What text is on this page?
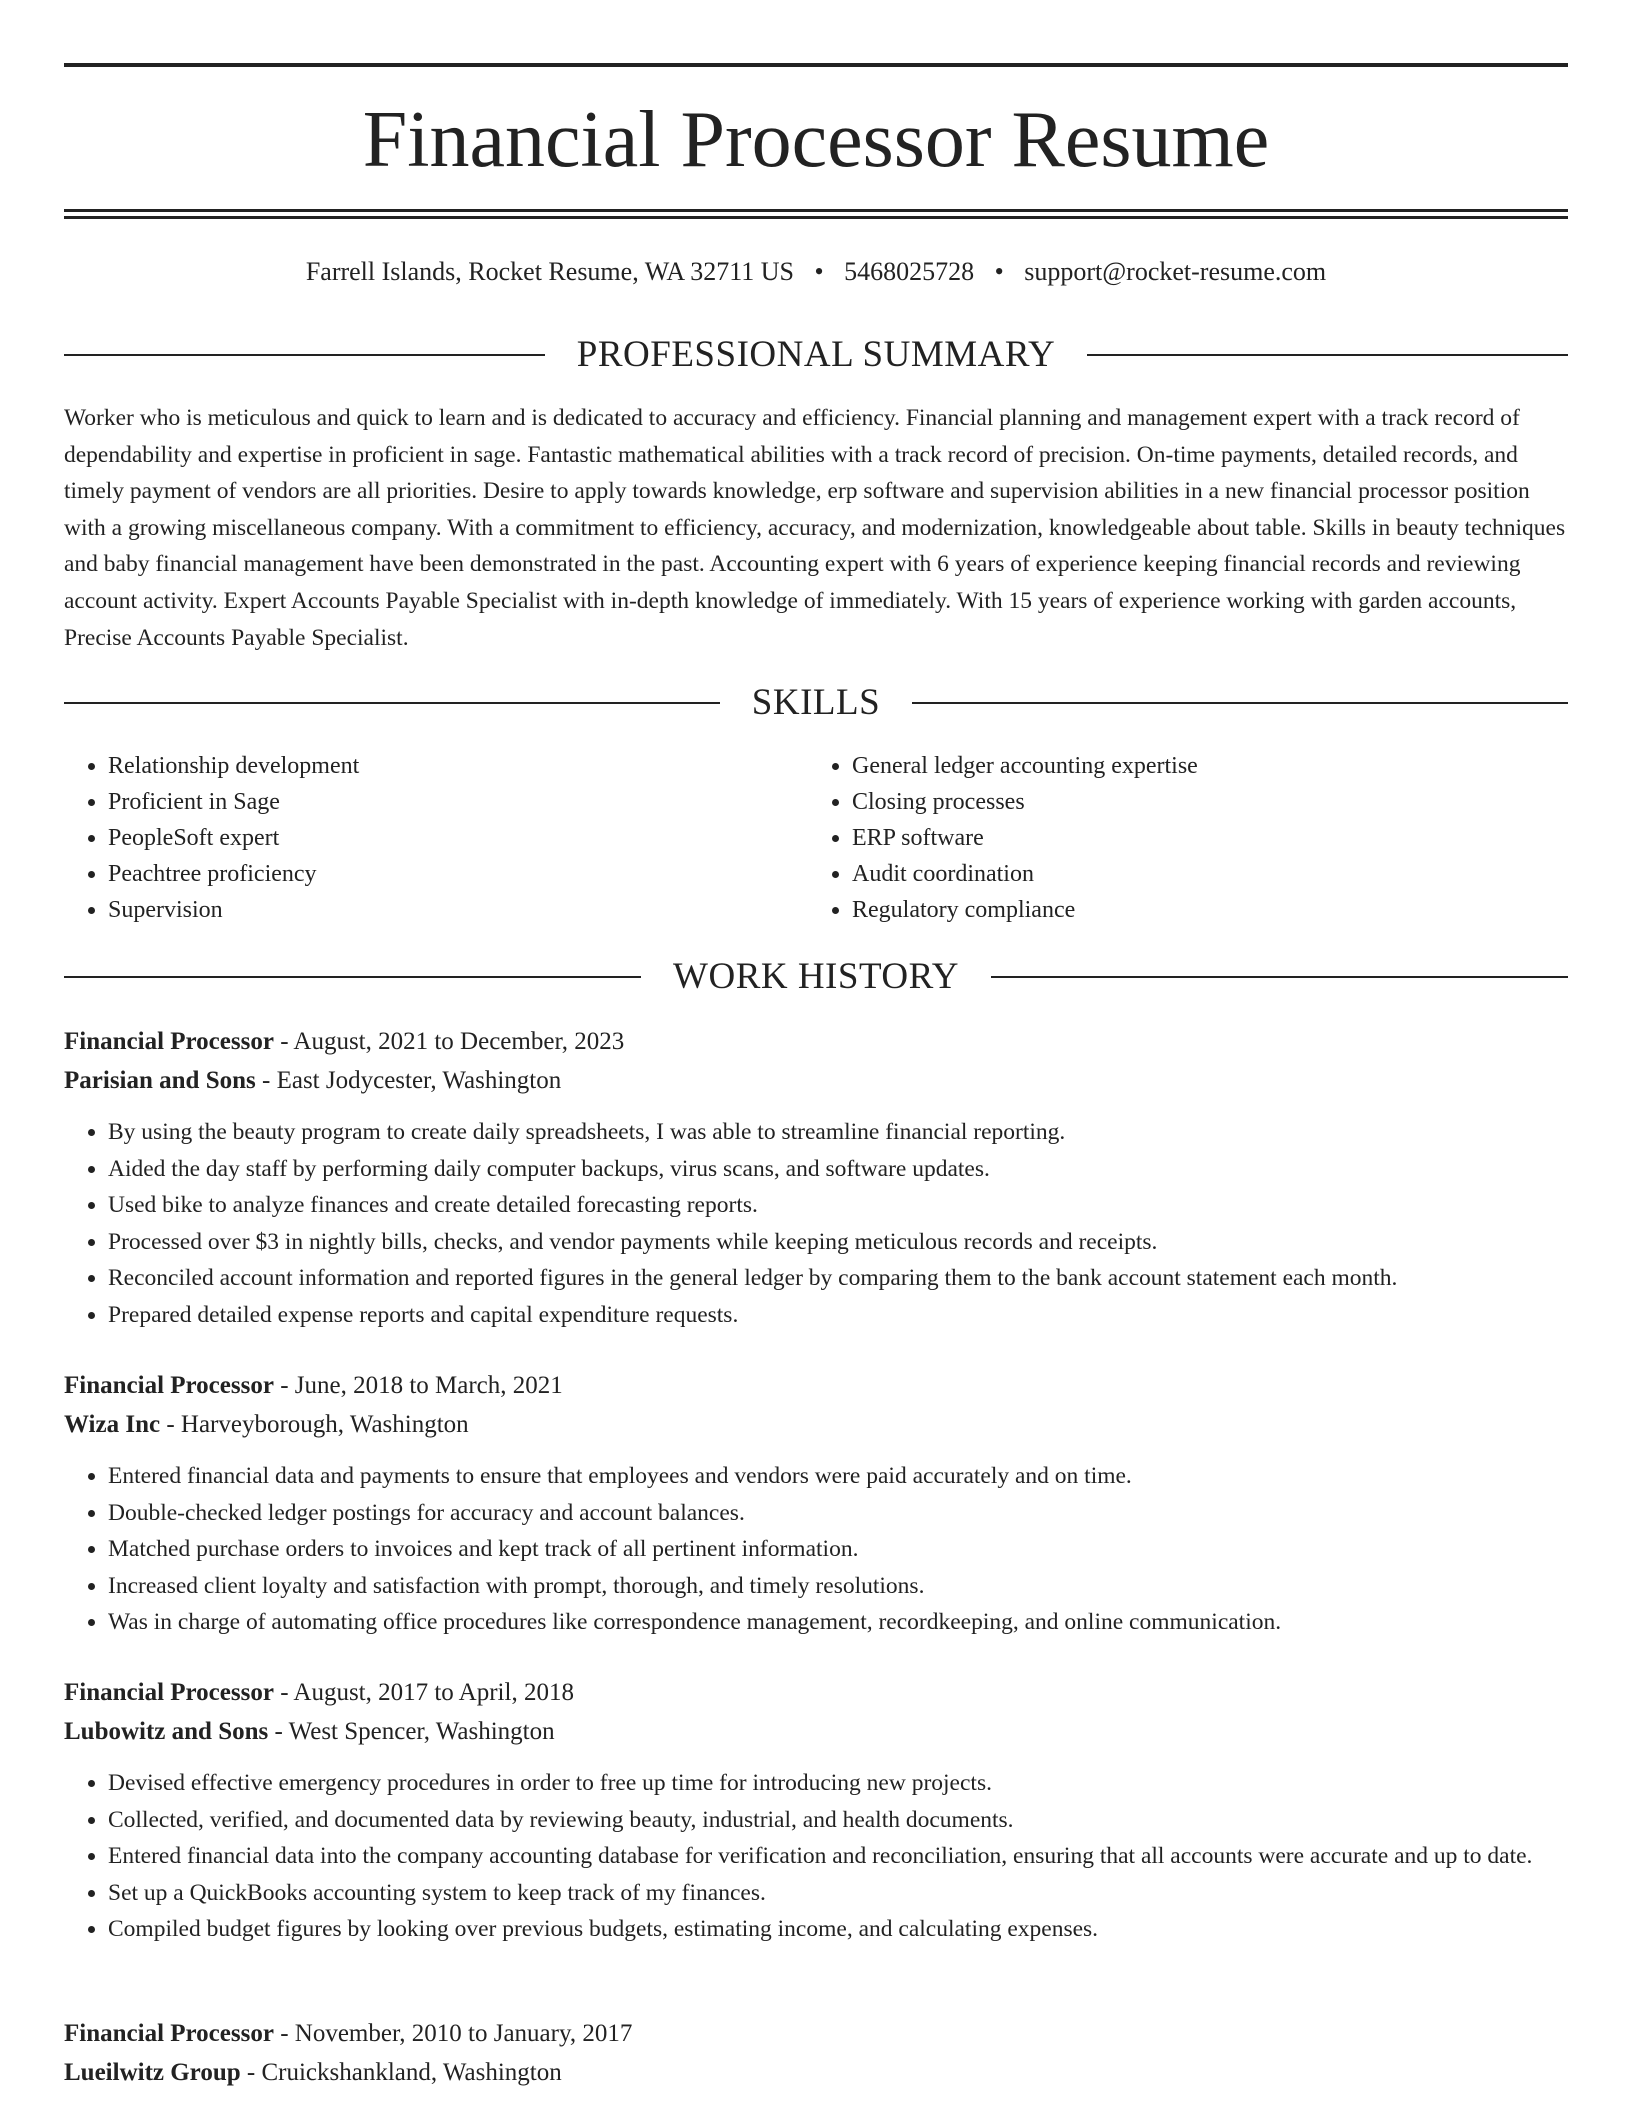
Financial Processor Resume
Farrell Islands, Rocket Resume, WA 32711 US • 5468025728 • support@rocket-resume.com
PROFESSIONAL SUMMARY

Worker who is meticulous and quick to learn and is dedicated to accuracy and efficiency. Financial planning and management expert with a track record of dependability and expertise in proficient in sage. Fantastic mathematical abilities with a track record of precision. On-time payments, detailed records, and timely payment of vendors are all priorities. Desire to apply towards knowledge, erp software and supervision abilities in a new financial processor position with a growing miscellaneous company. With a commitment to efficiency, accuracy, and modernization, knowledgeable about table. Skills in beauty techniques and baby financial management have been demonstrated in the past. Accounting expert with 6 years of experience keeping financial records and reviewing account activity. Expert Accounts Payable Specialist with in-depth knowledge of immediately. With 15 years of experience working with garden accounts, Precise Accounts Payable Specialist.

SKILLS
• Relationship development
• Proficient in Sage
• PeopleSoft expert
• Peachtree proficiency
• Supervision
• General ledger accounting expertise
• Closing processes
• ERP software
• Audit coordination
• Regulatory compliance
WORK HISTORY
Financial Processor - August, 2021 to December, 2023
Parisian and Sons - East Jodycester, Washington
• By using the beauty program to create daily spreadsheets, I was able to streamline financial reporting.
• Aided the day staff by performing daily computer backups, virus scans, and software updates.
• Used bike to analyze finances and create detailed forecasting reports.
• Processed over $3 in nightly bills, checks, and vendor payments while keeping meticulous records and receipts.
• Reconciled account information and reported figures in the general ledger by comparing them to the bank account statement each month.
• Prepared detailed expense reports and capital expenditure requests.
Financial Processor - June, 2018 to March, 2021
Wiza Inc - Harveyborough, Washington
• Entered financial data and payments to ensure that employees and vendors were paid accurately and on time.
• Double-checked ledger postings for accuracy and account balances.
• Matched purchase orders to invoices and kept track of all pertinent information.
• Increased client loyalty and satisfaction with prompt, thorough, and timely resolutions.
• Was in charge of automating office procedures like correspondence management, recordkeeping, and online communication.
Financial Processor - August, 2017 to April, 2018
Lubowitz and Sons - West Spencer, Washington
• Devised effective emergency procedures in order to free up time for introducing new projects.
• Collected, verified, and documented data by reviewing beauty, industrial, and health documents.
• Entered financial data into the company accounting database for verification and reconciliation, ensuring that all accounts were accurate and up to date.
• Set up a QuickBooks accounting system to keep track of my finances.
• Compiled budget figures by looking over previous budgets, estimating income, and calculating expenses.
Financial Processor - November, 2010 to January, 2017
Lueilwitz Group - Cruickshankland, Washington
